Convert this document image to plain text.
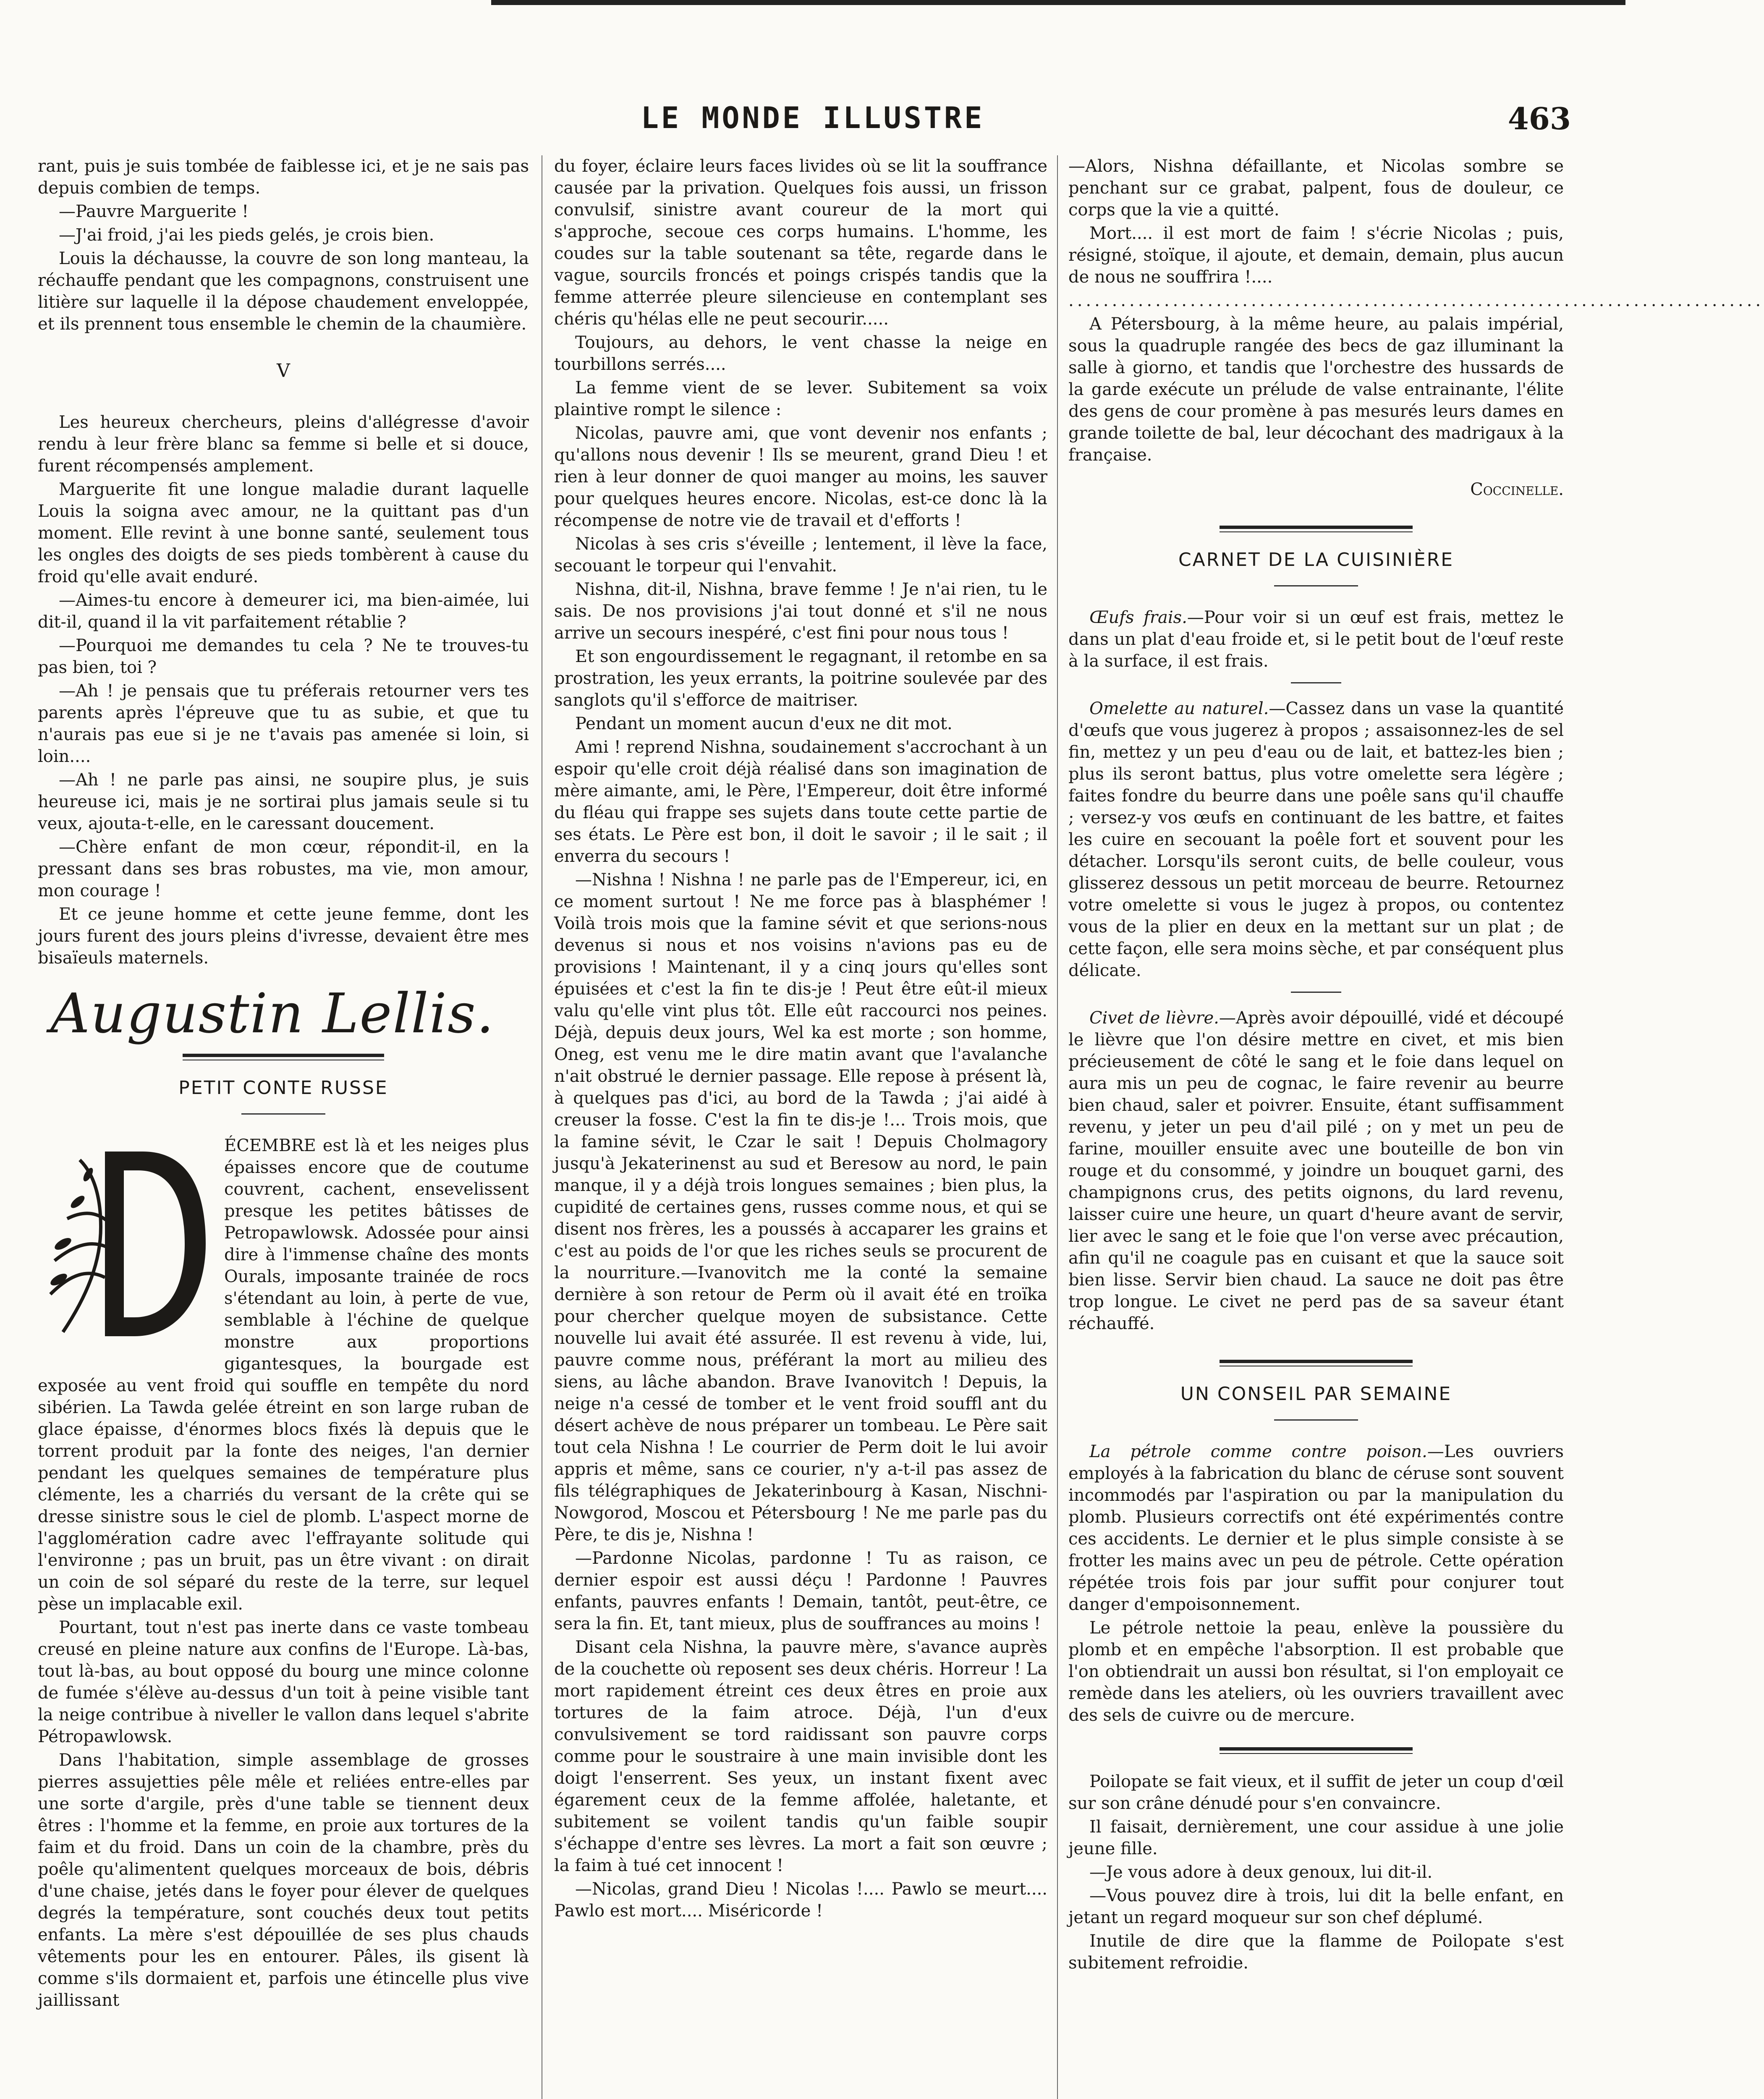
LE MONDE ILLUSTRE	463

rant, puis je suis tombée de faiblesse ici, et je ne sais pas depuis combien de temps.

—Pauvre Marguerite !

—J'ai froid, j'ai les pieds gelés, je crois bien.

Louis la déchausse, la couvre de son long manteau, la réchauffe pendant que les compagnons, construisent une litière sur laquelle il la dépose chaudement enveloppée, et ils prennent tous ensemble le chemin de la chaumière.

V

Les heureux chercheurs, pleins d'allégresse d'avoir rendu à leur frère blanc sa femme si belle et si douce, furent récompensés amplement.

Marguerite fit une longue maladie durant laquelle Louis la soigna avec amour, ne la quittant pas d'un moment. Elle revint à une bonne santé, seulement tous les ongles des doigts de ses pieds tombèrent à cause du froid qu'elle avait enduré.

—Aimes-tu encore à demeurer ici, ma bien-aimée, lui dit-il, quand il la vit parfaitement rétablie ?

—Pourquoi me demandes tu cela ? Ne te trouves-tu pas bien, toi ?

—Ah ! je pensais que tu préferais retourner vers tes parents après l'épreuve que tu as subie, et que tu n'aurais pas eue si je ne t'avais pas amenée si loin, si loin....

—Ah ! ne parle pas ainsi, ne soupire plus, je suis heureuse ici, mais je ne sortirai plus jamais seule si tu veux, ajouta-t-elle, en le caressant doucement.

—Chère enfant de mon cœur, répondit-il, en la pressant dans ses bras robustes, ma vie, mon amour, mon courage !

Et ce jeune homme et cette jeune femme, dont les jours furent des jours pleins d'ivresse, devaient être mes bisaïeuls maternels.

Augustin Lellis.
PETIT CONTE RUSSE

ÉCEMBRE est là et les neiges plus épaisses encore que de coutume couvrent, cachent, ensevelissent presque les petites bâtisses de Petropawlowsk. Adossée pour ainsi dire à l'immense chaîne des monts Ourals, imposante trainée de rocs s'étendant au loin, à perte de vue, semblable à l'échine de quelque monstre aux proportions gigantesques, la bourgade est exposée au vent froid qui souffle en tempête du nord sibérien. La Tawda gelée étreint en son large ruban de glace épaisse, d'énormes blocs fixés là depuis que le torrent produit par la fonte des neiges, l'an dernier pendant les quelques semaines de température plus clémente, les a charriés du versant de la crête qui se dresse sinistre sous le ciel de plomb. L'aspect morne de l'agglomération cadre avec l'effrayante solitude qui l'environne ; pas un bruit, pas un être vivant : on dirait un coin de sol séparé du reste de la terre, sur lequel pèse un implacable exil.

Pourtant, tout n'est pas inerte dans ce vaste tombeau creusé en pleine nature aux confins de l'Europe. Là-bas, tout là-bas, au bout opposé du bourg une mince colonne de fumée s'élève au-dessus d'un toit à peine visible tant la neige contribue à niveller le vallon dans lequel s'abrite Pétropawlowsk.

Dans l'habitation, simple assemblage de grosses pierres assujetties pêle mêle et reliées entre-elles par une sorte d'argile, près d'une table se tiennent deux êtres : l'homme et la femme, en proie aux tortures de la faim et du froid. Dans un coin de la chambre, près du poêle qu'alimentent quelques morceaux de bois, débris d'une chaise, jetés dans le foyer pour élever de quelques degrés la température, sont couchés deux tout petits enfants. La mère s'est dépouillée de ses plus chauds vêtements pour les en entourer. Pâles, ils gisent là comme s'ils dormaient et, parfois une étincelle plus vive jaillissant

du foyer, éclaire leurs faces livides où se lit la souffrance causée par la privation. Quelques fois aussi, un frisson convulsif, sinistre avant coureur de la mort qui s'approche, secoue ces corps humains. L'homme, les coudes sur la table soutenant sa tête, regarde dans le vague, sourcils froncés et poings crispés tandis que la femme atterrée pleure silencieuse en contemplant ses chéris qu'hélas elle ne peut secourir.....

Toujours, au dehors, le vent chasse la neige en tourbillons serrés....

La femme vient de se lever. Subitement sa voix plaintive rompt le silence :

Nicolas, pauvre ami, que vont devenir nos enfants ; qu'allons nous devenir ! Ils se meurent, grand Dieu ! et rien à leur donner de quoi manger au moins, les sauver pour quelques heures encore. Nicolas, est-ce donc là la récompense de notre vie de travail et d'efforts !

Nicolas à ses cris s'éveille ; lentement, il lève la face, secouant le torpeur qui l'envahit.

Nishna, dit-il, Nishna, brave femme ! Je n'ai rien, tu le sais. De nos provisions j'ai tout donné et s'il ne nous arrive un secours inespéré, c'est fini pour nous tous !

Et son engourdissement le regagnant, il retombe en sa prostration, les yeux errants, la poitrine soulevée par des sanglots qu'il s'efforce de maitriser.

Pendant un moment aucun d'eux ne dit mot.

Ami ! reprend Nishna, soudainement s'accrochant à un espoir qu'elle croit déjà réalisé dans son imagination de mère aimante, ami, le Père, l'Empereur, doit être informé du fléau qui frappe ses sujets dans toute cette partie de ses états. Le Père est bon, il doit le savoir ; il le sait ; il enverra du secours !

—Nishna ! Nishna ! ne parle pas de l'Empereur, ici, en ce moment surtout ! Ne me force pas à blasphémer ! Voilà trois mois que la famine sévit et que serions-nous devenus si nous et nos voisins n'avions pas eu de provisions ! Maintenant, il y a cinq jours qu'elles sont épuisées et c'est la fin te dis-je ! Peut être eût-il mieux valu qu'elle vint plus tôt. Elle eût raccourci nos peines. Déjà, depuis deux jours, Wel ka est morte ; son homme, Oneg, est venu me le dire matin avant que l'avalanche n'ait obstrué le dernier passage. Elle repose à présent là, à quelques pas d'ici, au bord de la Tawda ; j'ai aidé à creuser la fosse. C'est la fin te dis-je !... Trois mois, que la famine sévit, le Czar le sait ! Depuis Cholmagory jusqu'à Jekaterinenst au sud et Beresow au nord, le pain manque, il y a déjà trois longues semaines ; bien plus, la cupidité de certaines gens, russes comme nous, et qui se disent nos frères, les a poussés à accaparer les grains et c'est au poids de l'or que les riches seuls se procurent de la nourriture.—Ivanovitch me la conté la semaine dernière à son retour de Perm où il avait été en troïka pour chercher quelque moyen de subsistance. Cette nouvelle lui avait été assurée. Il est revenu à vide, lui, pauvre comme nous, préférant la mort au milieu des siens, au lâche abandon. Brave Ivanovitch ! Depuis, la neige n'a cessé de tomber et le vent froid souffl ant du désert achève de nous préparer un tombeau. Le Père sait tout cela Nishna ! Le courrier de Perm doit le lui avoir appris et même, sans ce courier, n'y a-t-il pas assez de fils télégraphiques de Jekaterinbourg à Kasan, Nischni-Nowgorod, Moscou et Pétersbourg ! Ne me parle pas du Père, te dis je, Nishna !

—Pardonne Nicolas, pardonne ! Tu as raison, ce dernier espoir est aussi déçu ! Pardonne ! Pauvres enfants, pauvres enfants ! Demain, tantôt, peut-être, ce sera la fin. Et, tant mieux, plus de souffrances au moins !

Disant cela Nishna, la pauvre mère, s'avance auprès de la couchette où reposent ses deux chéris. Horreur ! La mort rapidement étreint ces deux êtres en proie aux tortures de la faim atroce. Déjà, l'un d'eux convulsivement se tord raidissant son pauvre corps comme pour le soustraire à une main invisible dont les doigt l'enserrent. Ses yeux, un instant fixent avec égarement ceux de la femme affolée, haletante, et subitement se voilent tandis qu'un faible soupir s'échappe d'entre ses lèvres. La mort a fait son œuvre ; la faim à tué cet innocent !

—Nicolas, grand Dieu ! Nicolas !.... Pawlo se meurt.... Pawlo est mort.... Miséricorde !

—Alors, Nishna défaillante, et Nicolas sombre se penchant sur ce grabat, palpent, fous de douleur, ce corps que la vie a quitté.

Mort.... il est mort de faim ! s'écrie Nicolas ; puis, résigné, stoïque, il ajoute, et demain, demain, plus aucun de nous ne souffrira !....

................................................................................

A Pétersbourg, à la même heure, au palais impérial, sous la quadruple rangée des becs de gaz illuminant la salle à giorno, et tandis que l'orchestre des hussards de la garde exécute un prélude de valse entrainante, l'élite des gens de cour promène à pas mesurés leurs dames en grande toilette de bal, leur décochant des madrigaux à la française.

Coccinelle.
CARNET DE LA CUISINIÈRE

Œufs frais.—Pour voir si un œuf est frais, mettez le dans un plat d'eau froide et, si le petit bout de l'œuf reste à la surface, il est frais.

Omelette au naturel.—Cassez dans un vase la quantité d'œufs que vous jugerez à propos ; assaisonnez-les de sel fin, mettez y un peu d'eau ou de lait, et battez-les bien ; plus ils seront battus, plus votre omelette sera légère ; faites fondre du beurre dans une poêle sans qu'il chauffe ; versez-y vos œufs en continuant de les battre, et faites les cuire en secouant la poêle fort et souvent pour les détacher. Lorsqu'ils seront cuits, de belle couleur, vous glisserez dessous un petit morceau de beurre. Retournez votre omelette si vous le jugez à propos, ou contentez vous de la plier en deux en la mettant sur un plat ; de cette façon, elle sera moins sèche, et par conséquent plus délicate.

Civet de lièvre.—Après avoir dépouillé, vidé et découpé le lièvre que l'on désire mettre en civet, et mis bien précieusement de côté le sang et le foie dans lequel on aura mis un peu de cognac, le faire revenir au beurre bien chaud, saler et poivrer. Ensuite, étant suffisamment revenu, y jeter un peu d'ail pilé ; on y met un peu de farine, mouiller ensuite avec une bouteille de bon vin rouge et du consommé, y joindre un bouquet garni, des champignons crus, des petits oignons, du lard revenu, laisser cuire une heure, un quart d'heure avant de servir, lier avec le sang et le foie que l'on verse avec précaution, afin qu'il ne coagule pas en cuisant et que la sauce soit bien lisse. Servir bien chaud. La sauce ne doit pas être trop longue. Le civet ne perd pas de sa saveur étant réchauffé.

UN CONSEIL PAR SEMAINE

La pétrole comme contre poison.—Les ouvriers employés à la fabrication du blanc de céruse sont souvent incommodés par l'aspiration ou par la manipulation du plomb. Plusieurs correctifs ont été expérimentés contre ces accidents. Le dernier et le plus simple consiste à se frotter les mains avec un peu de pétrole. Cette opération répétée trois fois par jour suffit pour conjurer tout danger d'empoisonnement.

Le pétrole nettoie la peau, enlève la poussière du plomb et en empêche l'absorption. Il est probable que l'on obtiendrait un aussi bon résultat, si l'on employait ce remède dans les ateliers, où les ouvriers travaillent avec des sels de cuivre ou de mercure.

Poilopate se fait vieux, et il suffit de jeter un coup d'œil sur son crâne dénudé pour s'en convaincre.

Il faisait, dernièrement, une cour assidue à une jolie jeune fille.

—Je vous adore à deux genoux, lui dit-il.

—Vous pouvez dire à trois, lui dit la belle enfant, en jetant un regard moqueur sur son chef déplumé.

Inutile de dire que la flamme de Poilopate s'est subitement refroidie.
